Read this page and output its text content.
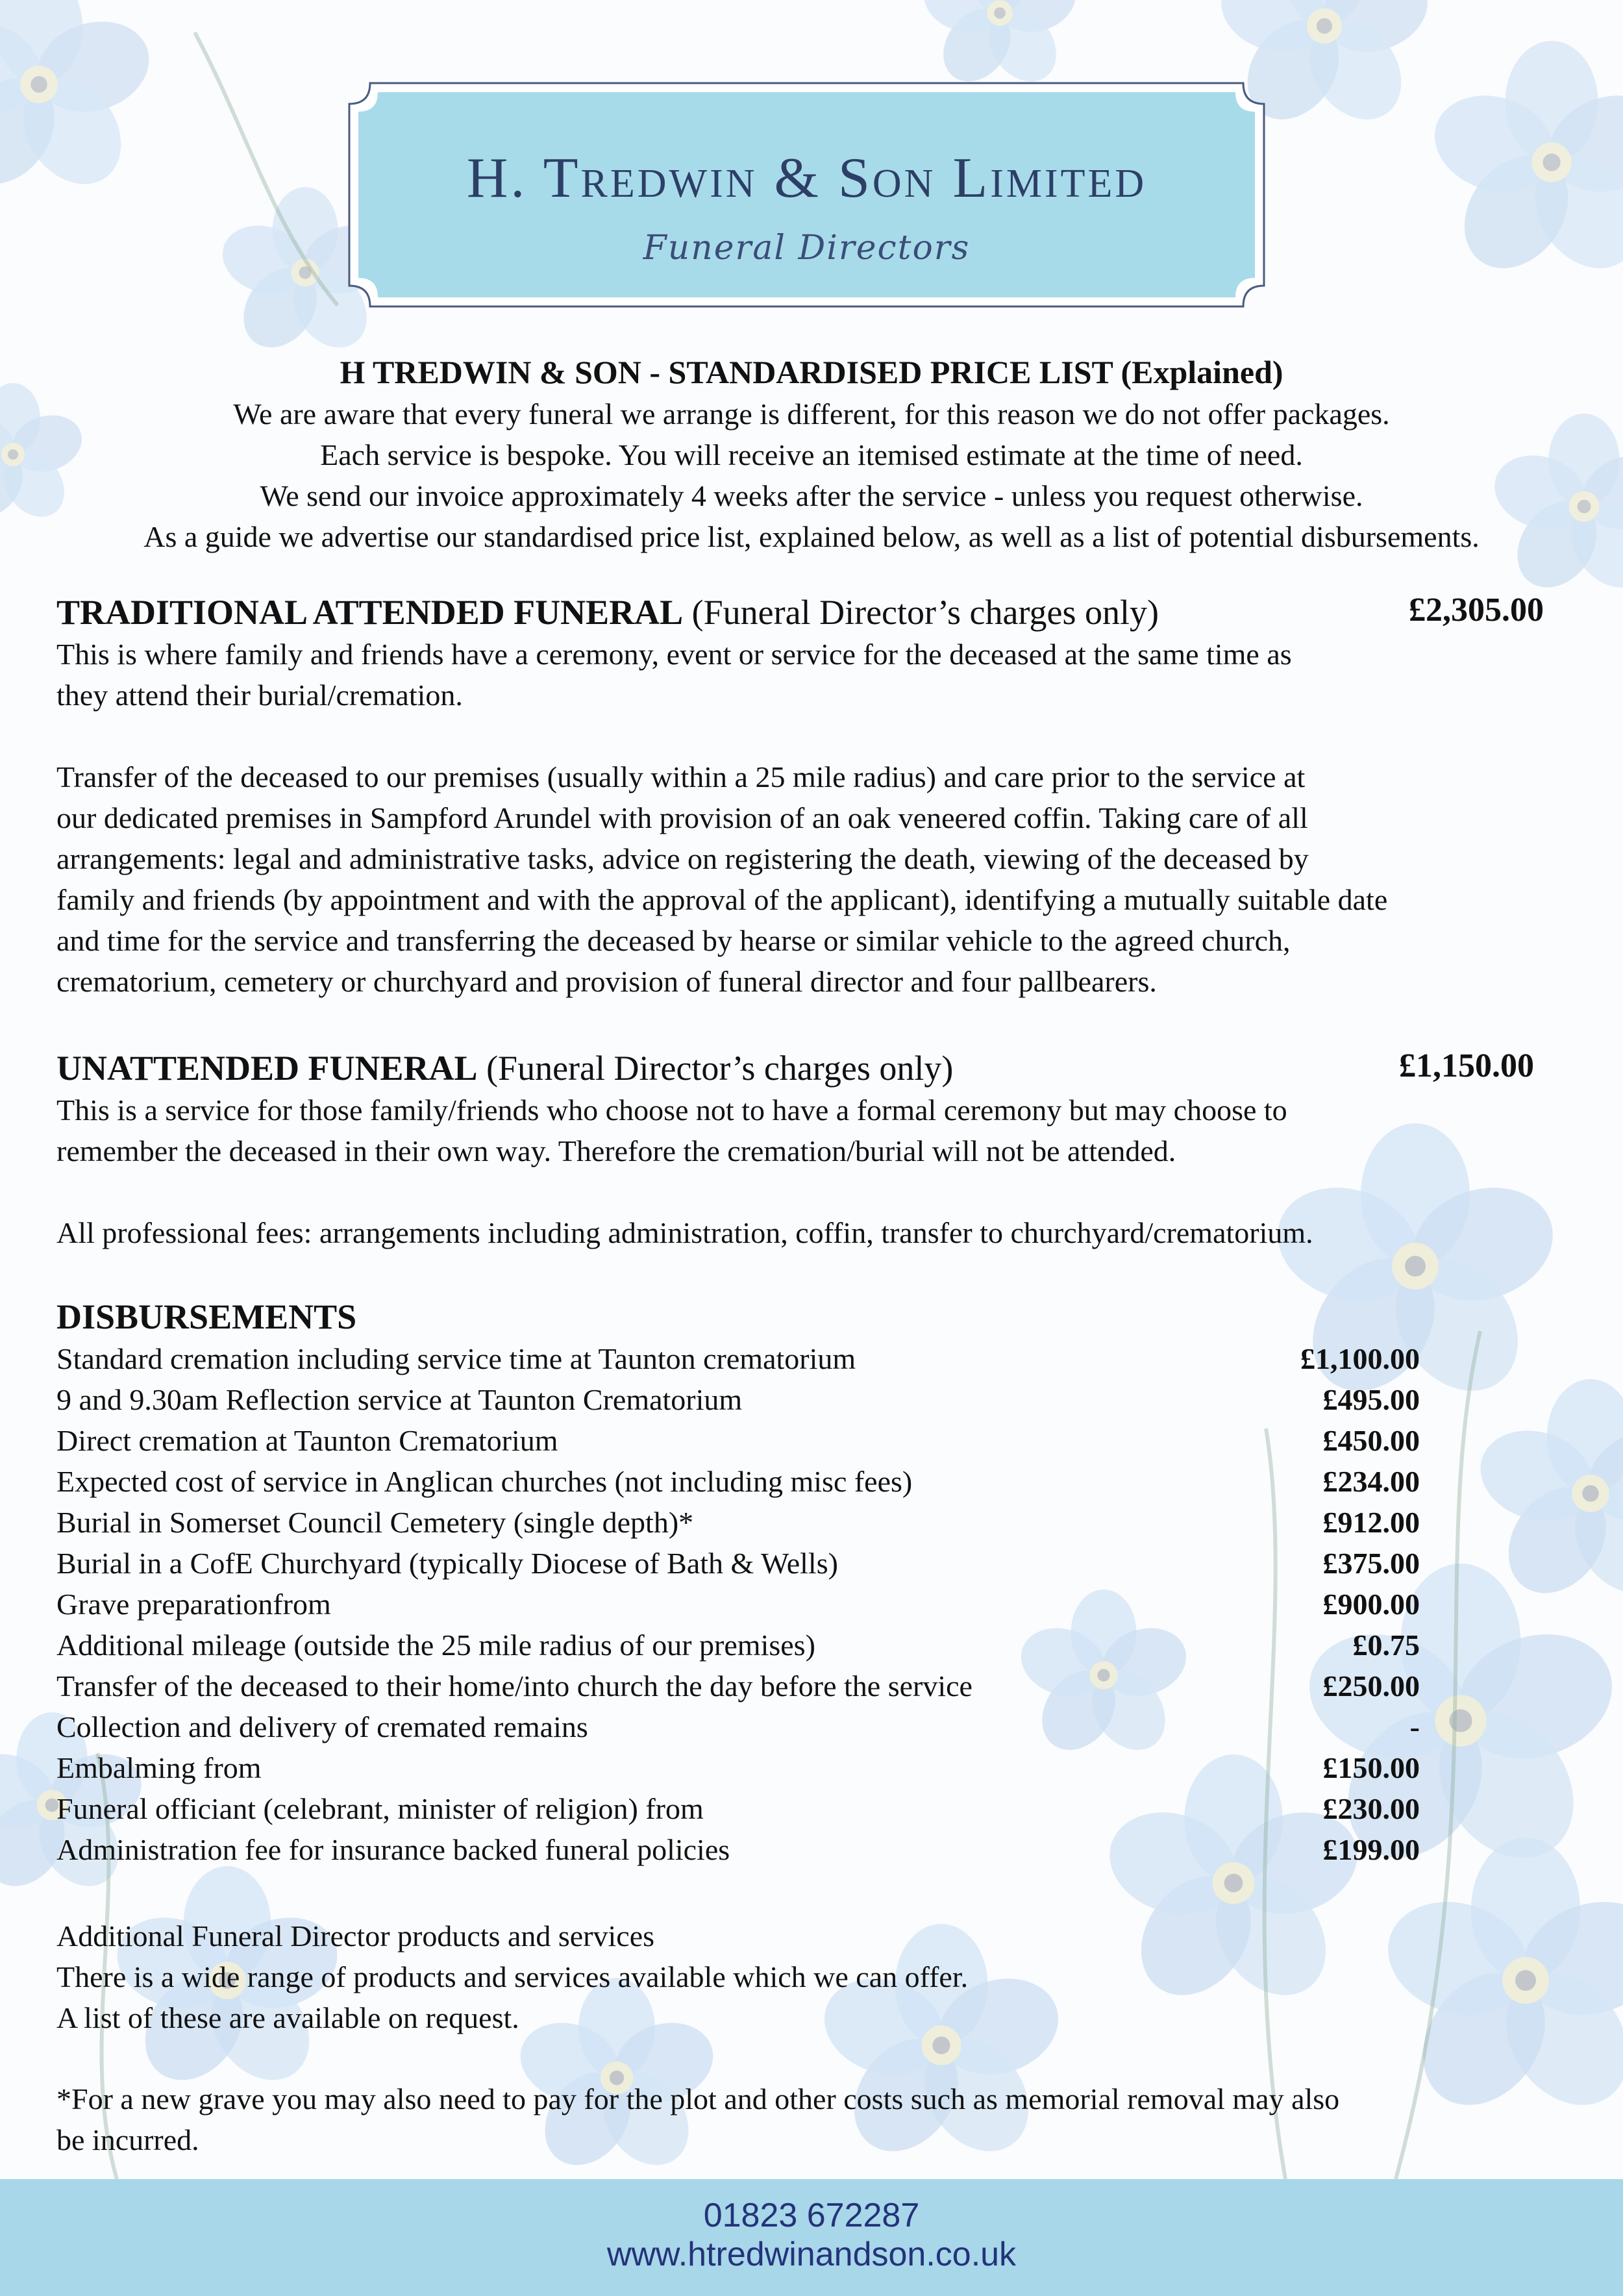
H. Tredwin & Son Limited
Funeral Directors
H TREDWIN & SON - STANDARDISED PRICE LIST (Explained)
We are aware that every funeral we arrange is different, for this reason we do not offer packages.
Each service is bespoke. You will receive an itemised estimate at the time of need.
We send our invoice approximately 4 weeks after the service - unless you request otherwise.
As a guide we advertise our standardised price list, explained below, as well as a list of potential disbursements.
TRADITIONAL ATTENDED FUNERAL (Funeral Director’s charges only)	£2,305.00
This is where family and friends have a ceremony, event or service for the deceased at the same time as
they attend their burial/cremation.
Transfer of the deceased to our premises (usually within a 25 mile radius) and care prior to the service at
our dedicated premises in Sampford Arundel with provision of an oak veneered coffin. Taking care of all
arrangements: legal and administrative tasks, advice on registering the death, viewing of the deceased by
family and friends (by appointment and with the approval of the applicant), identifying a mutually suitable date
and time for the service and transferring the deceased by hearse or similar vehicle to the agreed church,
crematorium, cemetery or churchyard and provision of funeral director and four pallbearers.
UNATTENDED FUNERAL (Funeral Director’s charges only)	£1,150.00
This is a service for those family/friends who choose not to have a formal ceremony but may choose to
remember the deceased in their own way. Therefore the cremation/burial will not be attended.
All professional fees: arrangements including administration, coffin, transfer to churchyard/crematorium.
DISBURSEMENTS
Standard cremation including service time at Taunton crematorium	£1,100.00
9 and 9.30am Reflection service at Taunton Crematorium	£495.00
Direct cremation at Taunton Crematorium	£450.00
Expected cost of service in Anglican churches (not including misc fees)	£234.00
Burial in Somerset Council Cemetery (single depth)*	£912.00
Burial in a CofE Churchyard (typically Diocese of Bath & Wells)	£375.00
Grave preparationfrom	£900.00
Additional mileage (outside the 25 mile radius of our premises)	£0.75
Transfer of the deceased to their home/into church the day before the service	£250.00
Collection and delivery of cremated remains	-
Embalming from	£150.00
Funeral officiant (celebrant, minister of religion) from	£230.00
Administration fee for insurance backed funeral policies	£199.00
Additional Funeral Director products and services
There is a wide range of products and services available which we can offer.
A list of these are available on request.
*For a new grave you may also need to pay for the plot and other costs such as memorial removal may also
be incurred.
01823 672287
www.htredwinandson.co.uk
